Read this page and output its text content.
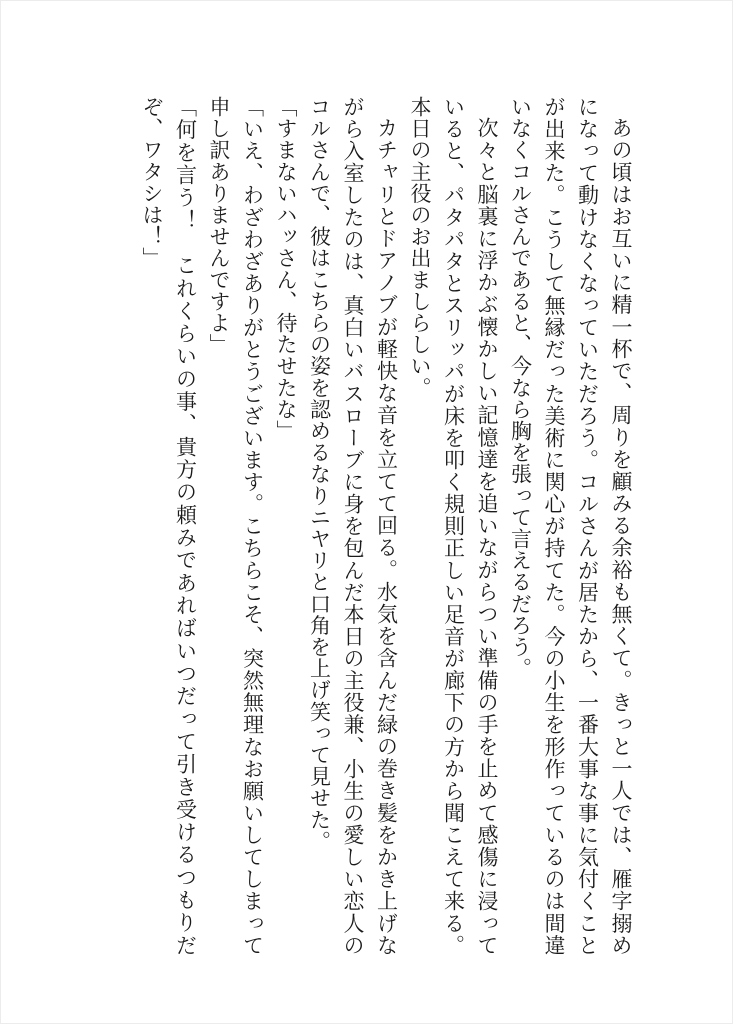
あの頃はお互いに精一杯で、周りを顧みる余裕も無くて。きっと一人では、雁字搦めになって動けなくなっていただろう。コルさんが居たから、一番大事な事に気付くことが出来た。こうして無縁だった美術に関心が持てた。今の小生を形作っているのは間違いなくコルさんであると、今なら胸を張って言えるだろう。

次々と脳裏に浮かぶ懐かしい記憶達を追いながらつい準備の手を止めて感傷に浸っていると、パタパタとスリッパが床を叩く規則正しい足音が廊下の方から聞こえて来る。本日の主役のお出ましらしい。

カチャリとドアノブが軽快な音を立てて回る。水気を含んだ緑の巻き髪をかき上げながら入室したのは、真白いバスローブに身を包んだ本日の主役兼、小生の愛しい恋人のコルさんで、彼はこちらの姿を認めるなりニヤリと口角を上げ笑って見せた。

「すまないハッさん、待たせたな」

「いえ、わざわざありがとうございます。こちらこそ、突然無理なお願いしてしまって申し訳ありませんですよ」

「何を言う！　これくらいの事、貴方の頼みであればいつだって引き受けるつもりだぞ、ワタシは！」
